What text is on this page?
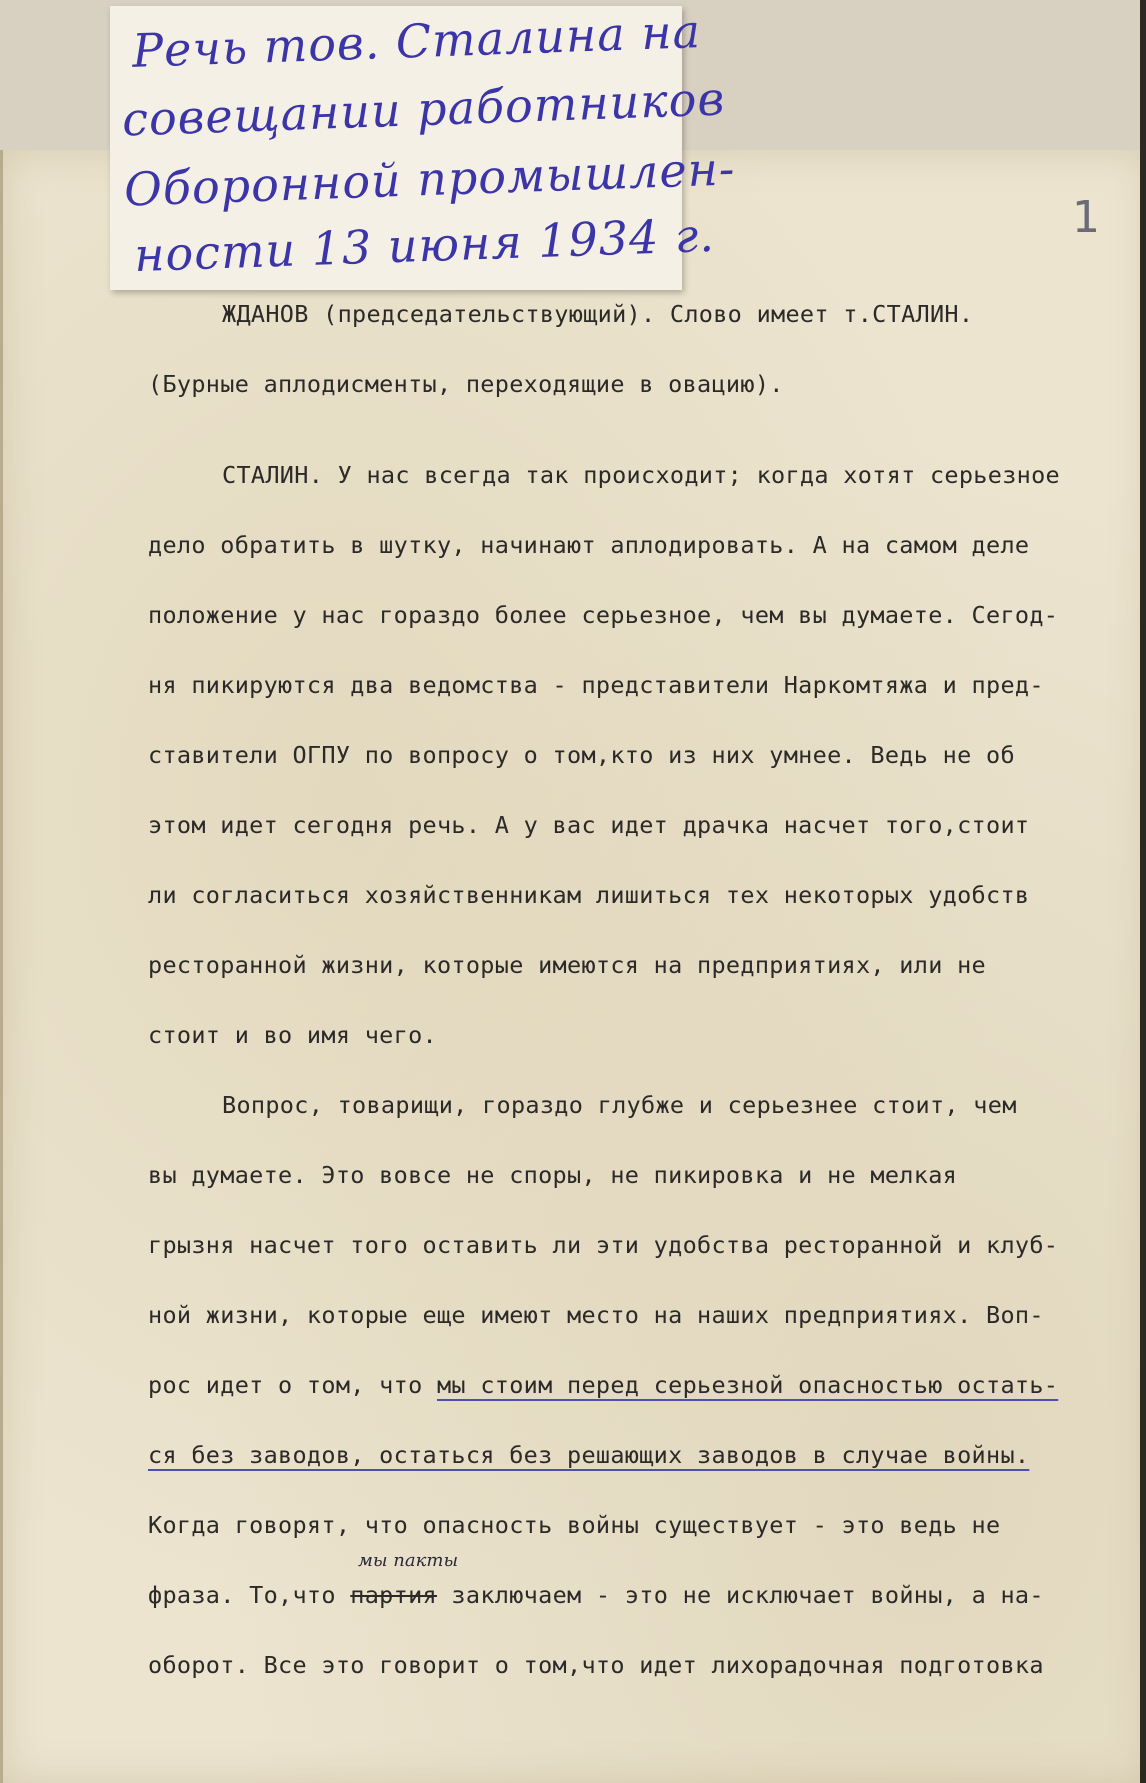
Речь тов. Сталина на
совещании работников
Оборонной промышлен-
ности 13 июня 1934 г.	1
ЖДАНОВ (председательствующий). Слово имеет т.СТАЛИН.
(Бурные аплодисменты, переходящие в овацию).
СТАЛИН. У нас всегда так происходит; когда хотят серьезное
дело обратить в шутку, начинают аплодировать. А на самом деле
положение у нас гораздо более серьезное, чем вы думаете. Сегод-
ня пикируются два ведомства - представители Наркомтяжа и пред-
ставители ОГПУ по вопросу о том,кто из них умнее. Ведь не об
этом идет сегодня речь. А у вас идет драчка насчет того,стоит
ли согласиться хозяйственникам лишиться тех некоторых удобств
ресторанной жизни, которые имеются на предприятиях, или не
стоит и во имя чего.
Вопрос, товарищи, гораздо глубже и серьезнее стоит, чем
вы думаете. Это вовсе не споры, не пикировка и не мелкая
грызня насчет того оставить ли эти удобства ресторанной и клуб-
ной жизни, которые еще имеют место на наших предприятиях. Воп-
рос идет о том, что мы стоим перед серьезной опасностью остать-
ся без заводов, остаться без решающих заводов в случае войны.
Когда говорят, что опасность войны существует - это ведь не
мы пакты
фраза. То,что партия заключаем - это не исключает войны, а на-
оборот. Все это говорит о том,что идет лихорадочная подготовка
